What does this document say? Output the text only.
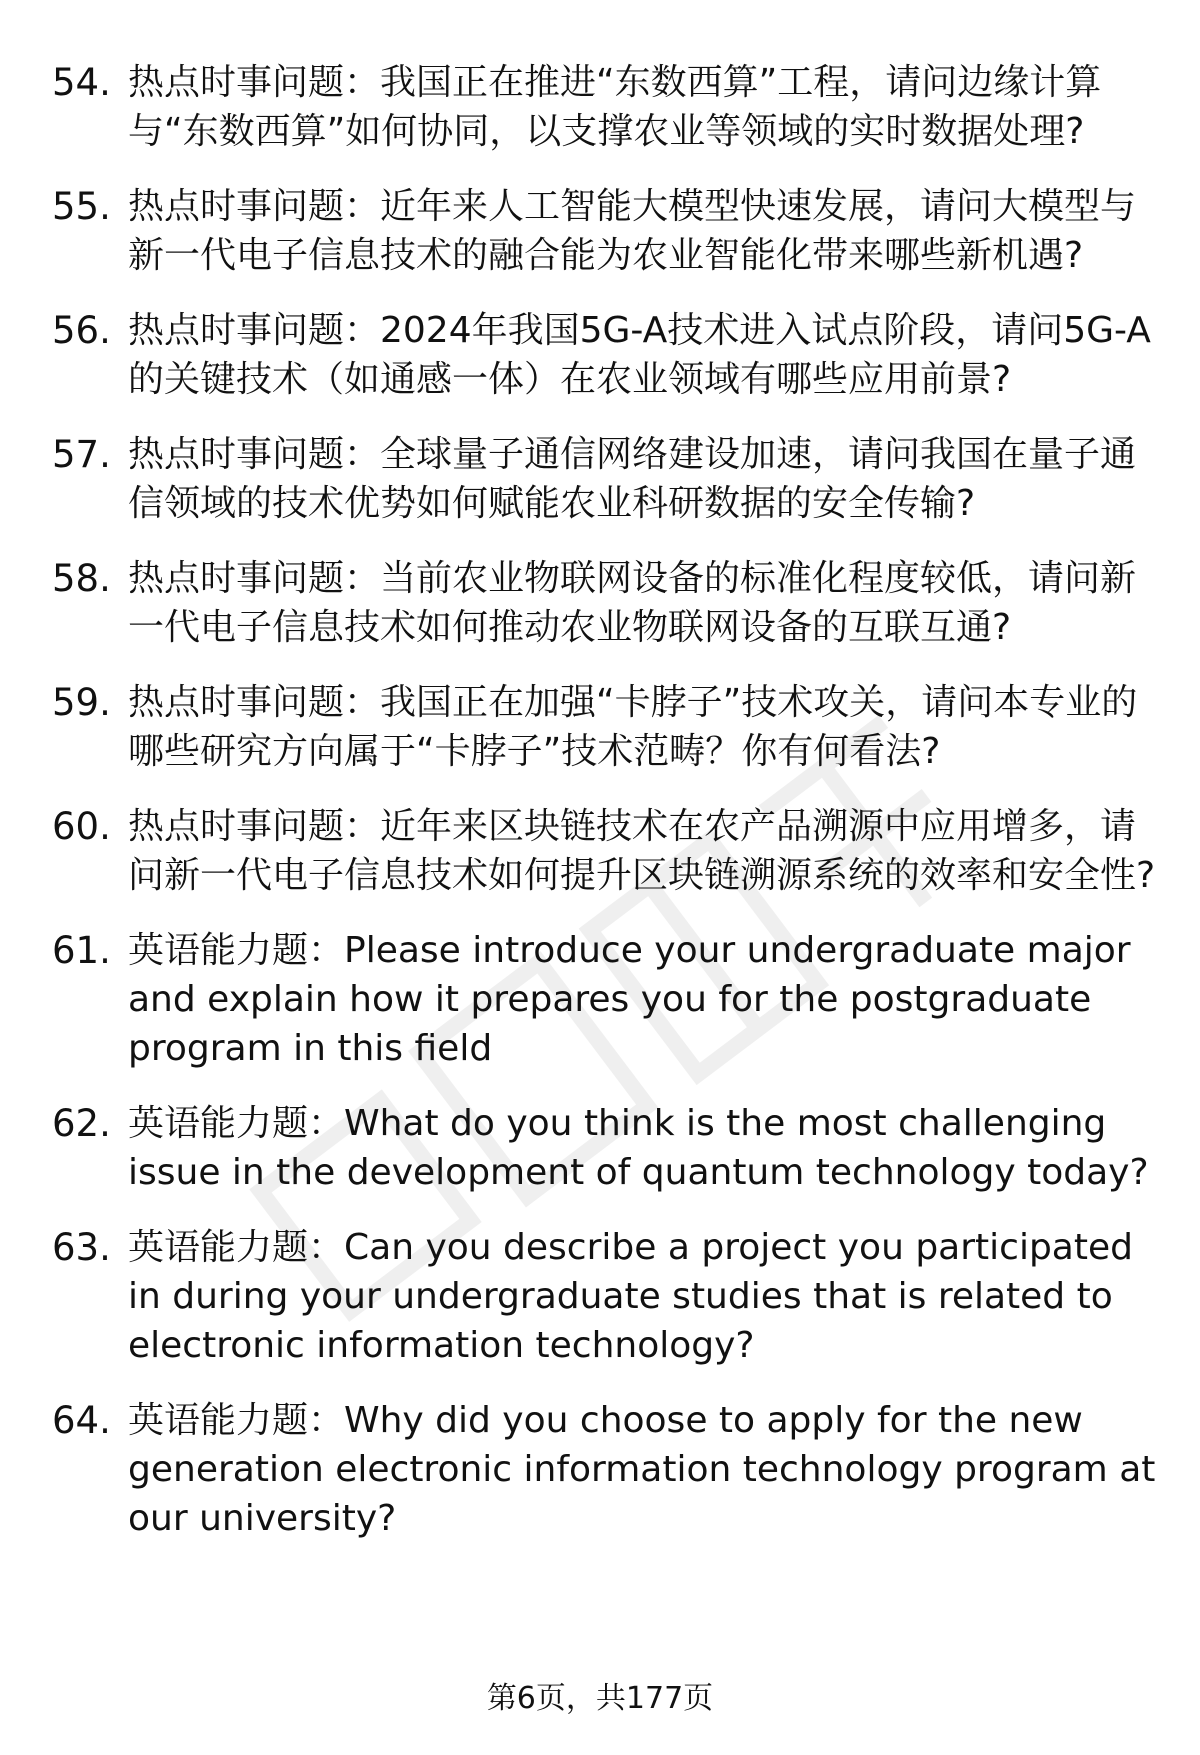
54. 热点时事问题：我国正在推进“东数西算”工程，请问边缘计算与“东数西算”如何协同，以支撑农业等领域的实时数据处理?
55. 热点时事问题：近年来人工智能大模型快速发展，请问大模型与新一代电子信息技术的融合能为农业智能化带来哪些新机遇?
56. 热点时事问题：2024年我国5G-A技术进入试点阶段，请问5G-A的关键技术（如通感一体）在农业领域有哪些应用前景?
57. 热点时事问题：全球量子通信网络建设加速，请问我国在量子通信领域的技术优势如何赋能农业科研数据的安全传输?
58. 热点时事问题：当前农业物联网设备的标准化程度较低，请问新一代电子信息技术如何推动农业物联网设备的互联互通?
59. 热点时事问题：我国正在加强“卡脖子”技术攻关，请问本专业的哪些研究方向属于“卡脖子”技术范畴？你有何看法?
60. 热点时事问题：近年来区块链技术在农产品溯源中应用增多，请问新一代电子信息技术如何提升区块链溯源系统的效率和安全性?
61. 英语能力题：Please introduce your undergraduate major and explain how it prepares you for the postgraduate program in this field
62. 英语能力题：What do you think is the most challenging issue in the development of quantum technology today?
63. 英语能力题：Can you describe a project you participated in during your undergraduate studies that is related to electronic information technology?
64. 英语能力题：Why did you choose to apply for the new generation electronic information technology program at our university?
第6页，共177页
